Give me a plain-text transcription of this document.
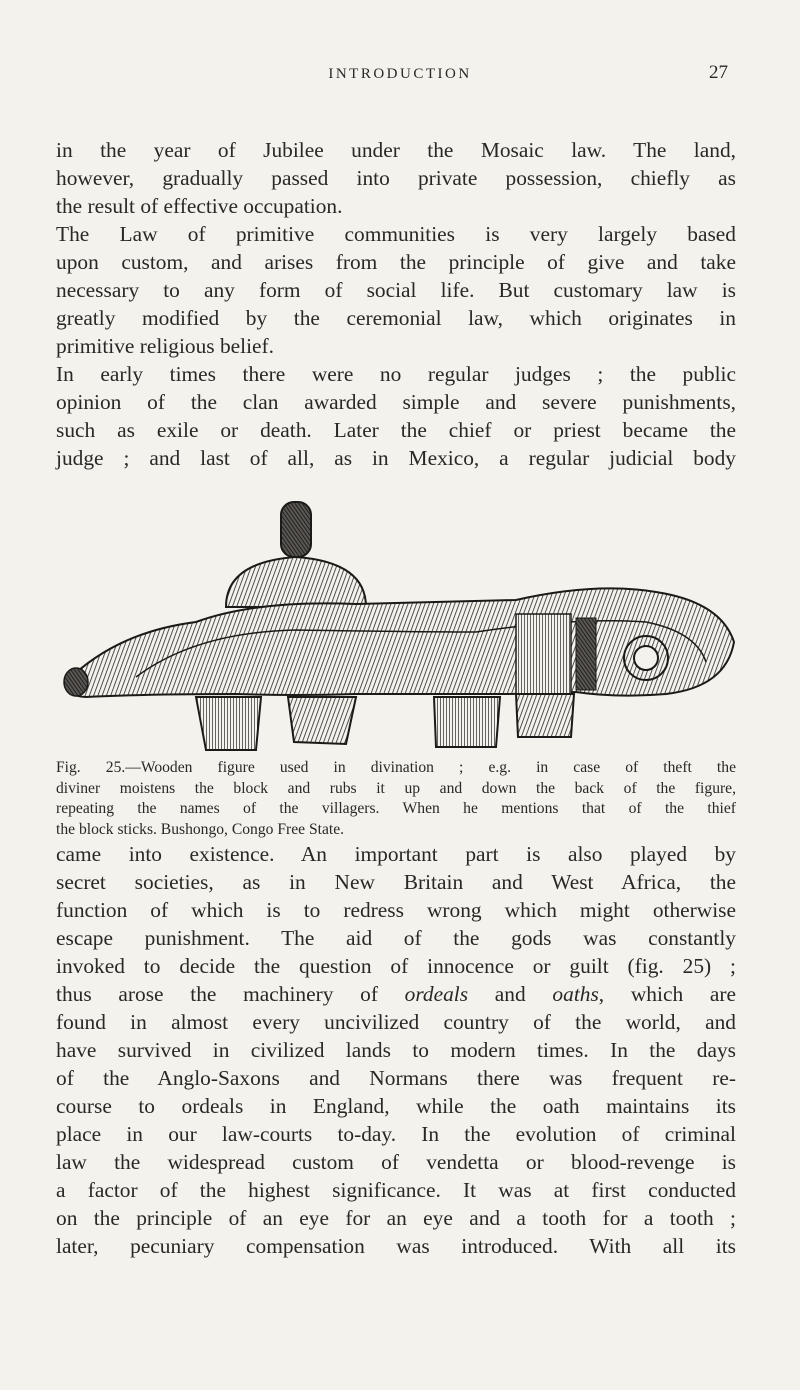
INTRODUCTION	27
in the year of Jubilee under the Mosaic law. The land,
however, gradually passed into private possession, chiefly as
the result of effective occupation.
The Law of primitive communities is very largely based
upon custom, and arises from the principle of give and take
necessary to any form of social life. But customary law is
greatly modified by the ceremonial law, which originates in
primitive religious belief.
In early times there were no regular judges ; the public
opinion of the clan awarded simple and severe punishments,
such as exile or death. Later the chief or priest became the
judge ; and last of all, as in Mexico, a regular judicial body
Fig. 25.—Wooden figure used in divination ; e.g. in case of theft the
diviner moistens the block and rubs it up and down the back of the figure,
repeating the names of the villagers. When he mentions that of the thief
the block sticks. Bushongo, Congo Free State.
came into existence. An important part is also played by
secret societies, as in New Britain and West Africa, the
function of which is to redress wrong which might otherwise
escape punishment. The aid of the gods was constantly
invoked to decide the question of innocence or guilt (fig. 25) ;
thus arose the machinery of ordeals and oaths, which are
found in almost every uncivilized country of the world, and
have survived in civilized lands to modern times. In the days
of the Anglo-Saxons and Normans there was frequent re-
course to ordeals in England, while the oath maintains its
place in our law-courts to-day. In the evolution of criminal
law the widespread custom of vendetta or blood-revenge is
a factor of the highest significance. It was at first conducted
on the principle of an eye for an eye and a tooth for a tooth ;
later, pecuniary compensation was introduced. With all its
